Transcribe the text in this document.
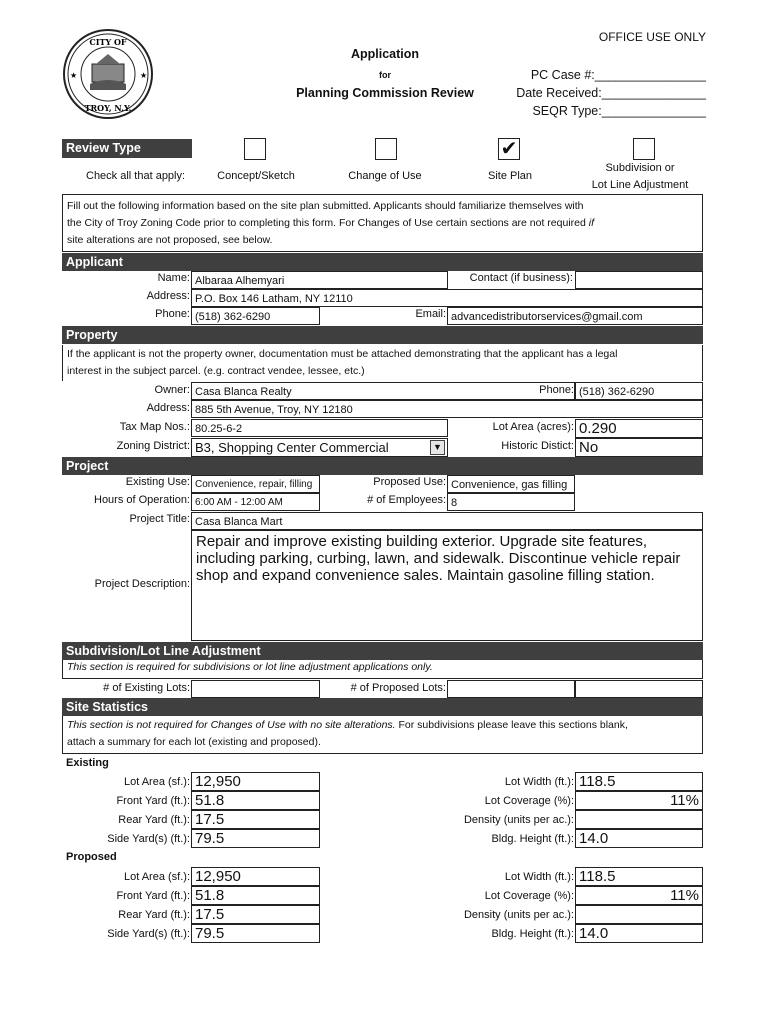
★	★
CITY OF
TROY, N.Y.
OFFICE USE ONLY
Application
for
Planning Commission Review
PC Case #:________________
Date Received:_______________
SEQR Type:_______________
Review Type	✔
Check all that apply:	Concept/Sketch	Change of Use	Site Plan
Subdivision or
Lot Line Adjustment
Fill out the following information based on the site plan submitted. Applicants should familiarize themselves with
the City of Troy Zoning Code prior to completing this form. For Changes of Use certain sections are not required if
site alterations are not proposed, see below.
Applicant
Name: Albaraa Alhemyari	Contact (if business):
Address: P.O. Box 146 Latham, NY 12110
Phone: (518) 362-6290	Email: advancedistributorservices@gmail.com
Property
If the applicant is not the property owner, documentation must be attached demonstrating that the applicant has a legal
interest in the subject parcel. (e.g. contract vendee, lessee, etc.)
Owner: Casa Blanca Realty	Phone: (518) 362-6290
Address: 885 5th Avenue, Troy, NY 12180
Tax Map Nos.: 80.25-6-2	Lot Area (acres): 0.290
Zoning District: B3, Shopping Center Commercial	▼	Historic Distict: No
Project
Existing Use: Convenience, repair, filling	Proposed Use: Convenience, gas filling
Hours of Operation: 6:00 AM - 12:00 AM	# of Employees: 8
Project Title: Casa Blanca Mart
Project Description:
Repair and improve existing building exterior. Upgrade site features,
including parking, curbing, lawn, and sidewalk. Discontinue vehicle repair
shop and expand convenience sales. Maintain gasoline filling station.
Subdivision/Lot Line Adjustment
This section is required for subdivisions or lot line adjustment applications only.
# of Existing Lots:	# of Proposed Lots:
Site Statistics
This section is not required for Changes of Use with no site alterations. For subdivisions please leave this sections blank,
attach a summary for each lot (existing and proposed).
Existing
Lot Area (sf.): 12,950
Front Yard (ft.): 51.8
Rear Yard (ft.): 17.5
Side Yard(s) (ft.): 79.5
Lot Width (ft.): 118.5
Lot Coverage (%):	11%
Density (units per ac.):
Bldg. Height (ft.): 14.0
Proposed
Lot Area (sf.): 12,950
Front Yard (ft.): 51.8
Rear Yard (ft.): 17.5
Side Yard(s) (ft.): 79.5
Lot Width (ft.): 118.5
Lot Coverage (%):	11%
Density (units per ac.):
Bldg. Height (ft.): 14.0
